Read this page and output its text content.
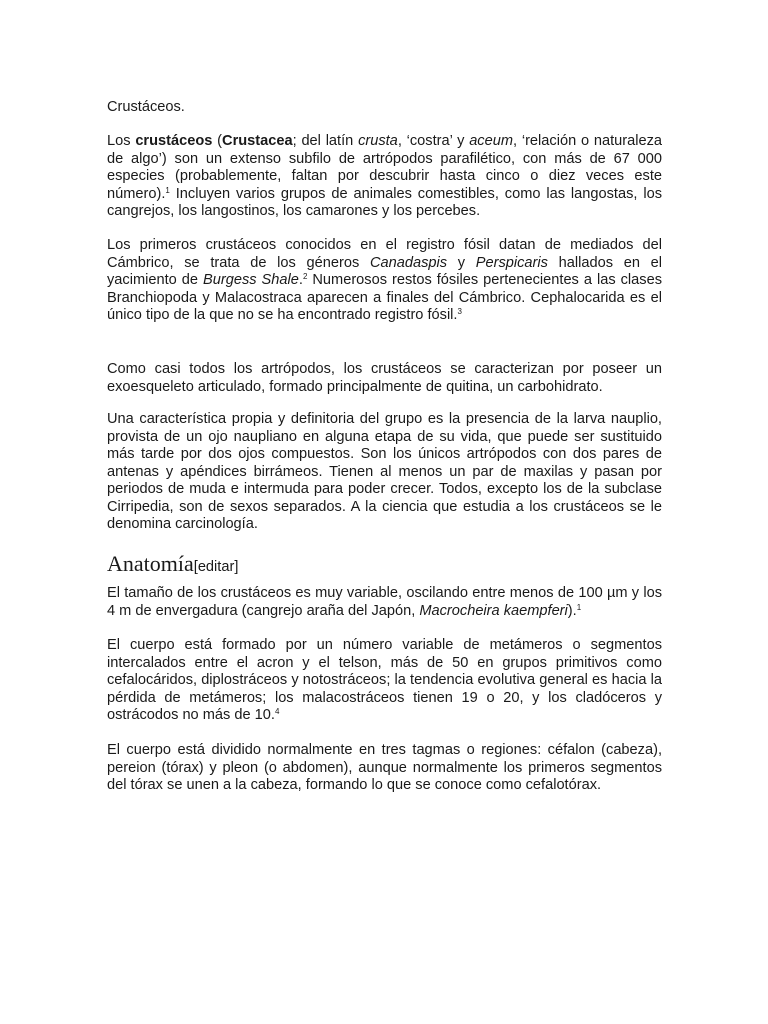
Crustáceos.

Los crustáceos (Crustacea; del latín crusta, ‘costra’ y aceum, ‘relación o naturaleza de algo’) son un extenso subfilo de artrópodos parafilético, con más de 67 000 especies (probablemente, faltan por descubrir hasta cinco o diez veces este número).$^1$ Incluyen varios grupos de animales comestibles, como las langostas, los cangrejos, los langostinos, los camarones y los percebes.

Los primeros crustáceos conocidos en el registro fósil datan de mediados del Cámbrico, se trata de los géneros Canadaspis y Perspicaris hallados en el yacimiento de Burgess Shale.$^2$ Numerosos restos fósiles pertenecientes a las clases Branchiopoda y Malacostraca aparecen a finales del Cámbrico. Cephalocarida es el único tipo de la que no se ha encontrado registro fósil.$^3$

Como casi todos los artrópodos, los crustáceos se caracterizan por poseer un exoesqueleto articulado, formado principalmente de quitina, un carbohidrato.

Una característica propia y definitoria del grupo es la presencia de la larva nauplio, provista de un ojo naupliano en alguna etapa de su vida, que puede ser sustituido más tarde por dos ojos compuestos. Son los únicos artrópodos con dos pares de antenas y apéndices birrámeos. Tienen al menos un par de maxilas y pasan por periodos de muda e intermuda para poder crecer. Todos, excepto los de la subclase Cirripedia, son de sexos separados. A la ciencia que estudia a los crustáceos se le denomina carcinología.

Anatomía[editar]

El tamaño de los crustáceos es muy variable, oscilando entre menos de 100 µm y los 4 m de envergadura (cangrejo araña del Japón, Macrocheira kaempferi).$^1$

El cuerpo está formado por un número variable de metámeros o segmentos intercalados entre el acron y el telson, más de 50 en grupos primitivos como cefalocáridos, diplostráceos y notostráceos; la tendencia evolutiva general es hacia la pérdida de metámeros; los malacostráceos tienen 19 o 20, y los cladóceros y ostrácodos no más de 10.$^4$

El cuerpo está dividido normalmente en tres tagmas o regiones: céfalon (cabeza), pereion (tórax) y pleon (o abdomen), aunque normalmente los primeros segmentos del tórax se unen a la cabeza, formando lo que se conoce como cefalotórax.
